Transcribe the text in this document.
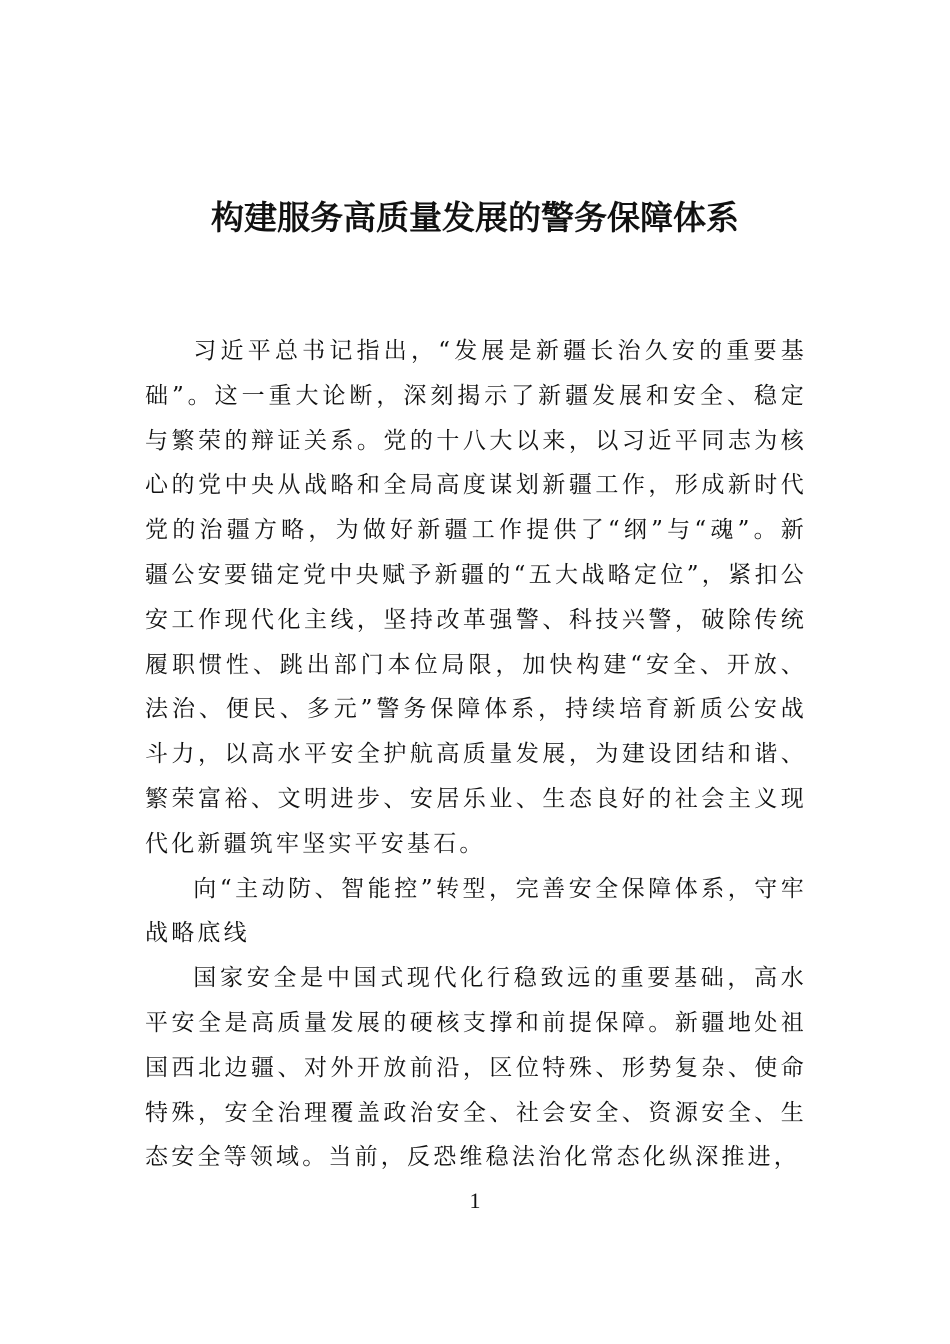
构建服务高质量发展的警务保障体系

习近平总书记指出，“发展是新疆长治久安的重要基础”。这一重大论断，深刻揭示了新疆发展和安全、稳定与繁荣的辩证关系。党的十八大以来，以习近平同志为核心的党中央从战略和全局高度谋划新疆工作，形成新时代党的治疆方略，为做好新疆工作提供了“纲”与“魂”。新疆公安要锚定党中央赋予新疆的“五大战略定位”，紧扣公安工作现代化主线，坚持改革强警、科技兴警，破除传统履职惯性、跳出部门本位局限，加快构建“安全、开放、法治、便民、多元”警务保障体系，持续培育新质公安战斗力，以高水平安全护航高质量发展，为建设团结和谐、繁荣富裕、文明进步、安居乐业、生态良好的社会主义现代化新疆筑牢坚实平安基石。

向“主动防、智能控”转型，完善安全保障体系，守牢战略底线

国家安全是中国式现代化行稳致远的重要基础，高水平安全是高质量发展的硬核支撑和前提保障。新疆地处祖国西北边疆、对外开放前沿，区位特殊、形势复杂、使命特殊，安全治理覆盖政治安全、社会安全、资源安全、生态安全等领域。当前，反恐维稳法治化常态化纵深推进，

1
